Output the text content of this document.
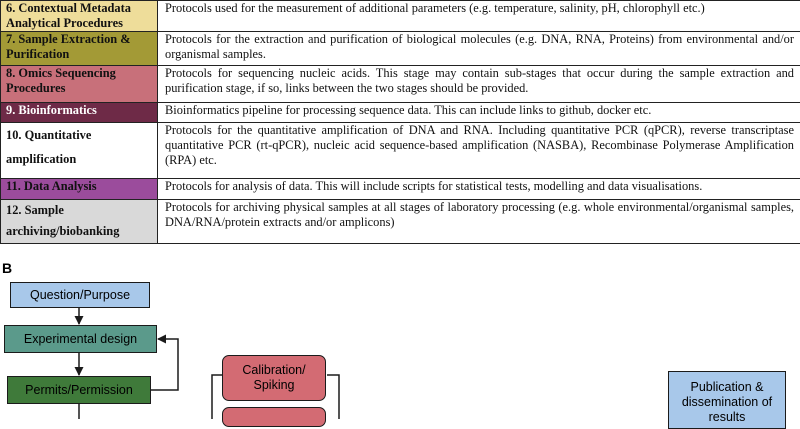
6. Contextual Metadata Analytical Procedures	Protocols used for the measurement of additional parameters (e.g. temperature, salinity, pH, chlorophyll etc.)
7. Sample Extraction & Purification	Protocols for the extraction and purification of biological molecules (e.g. DNA, RNA, Proteins) from environmental and/or organismal samples.
8. Omics Sequencing Procedures	Protocols for sequencing nucleic acids. This stage may contain sub-stages that occur during the sample extraction and purification stage, if so, links between the two stages should be provided.
9. Bioinformatics	Bioinformatics pipeline for processing sequence data. This can include links to github, docker etc.
10. Quantitative amplification	Protocols for the quantitative amplification of DNA and RNA. Including quantitative PCR (qPCR), reverse transcriptase quantitative PCR (rt-qPCR), nucleic acid sequence-based amplification (NASBA), Recombinase Polymerase Amplification (RPA) etc.
11. Data Analysis	Protocols for analysis of data. This will include scripts for statistical tests, modelling and data visualisations.
12. Sample archiving/biobanking	Protocols for archiving physical samples at all stages of laboratory processing (e.g. whole environmental/organismal samples, DNA/RNA/protein extracts and/or amplicons)
B
Question/Purpose
Experimental design
Permits/Permission
Calibration/ Spiking	Publication & dissemination of results
